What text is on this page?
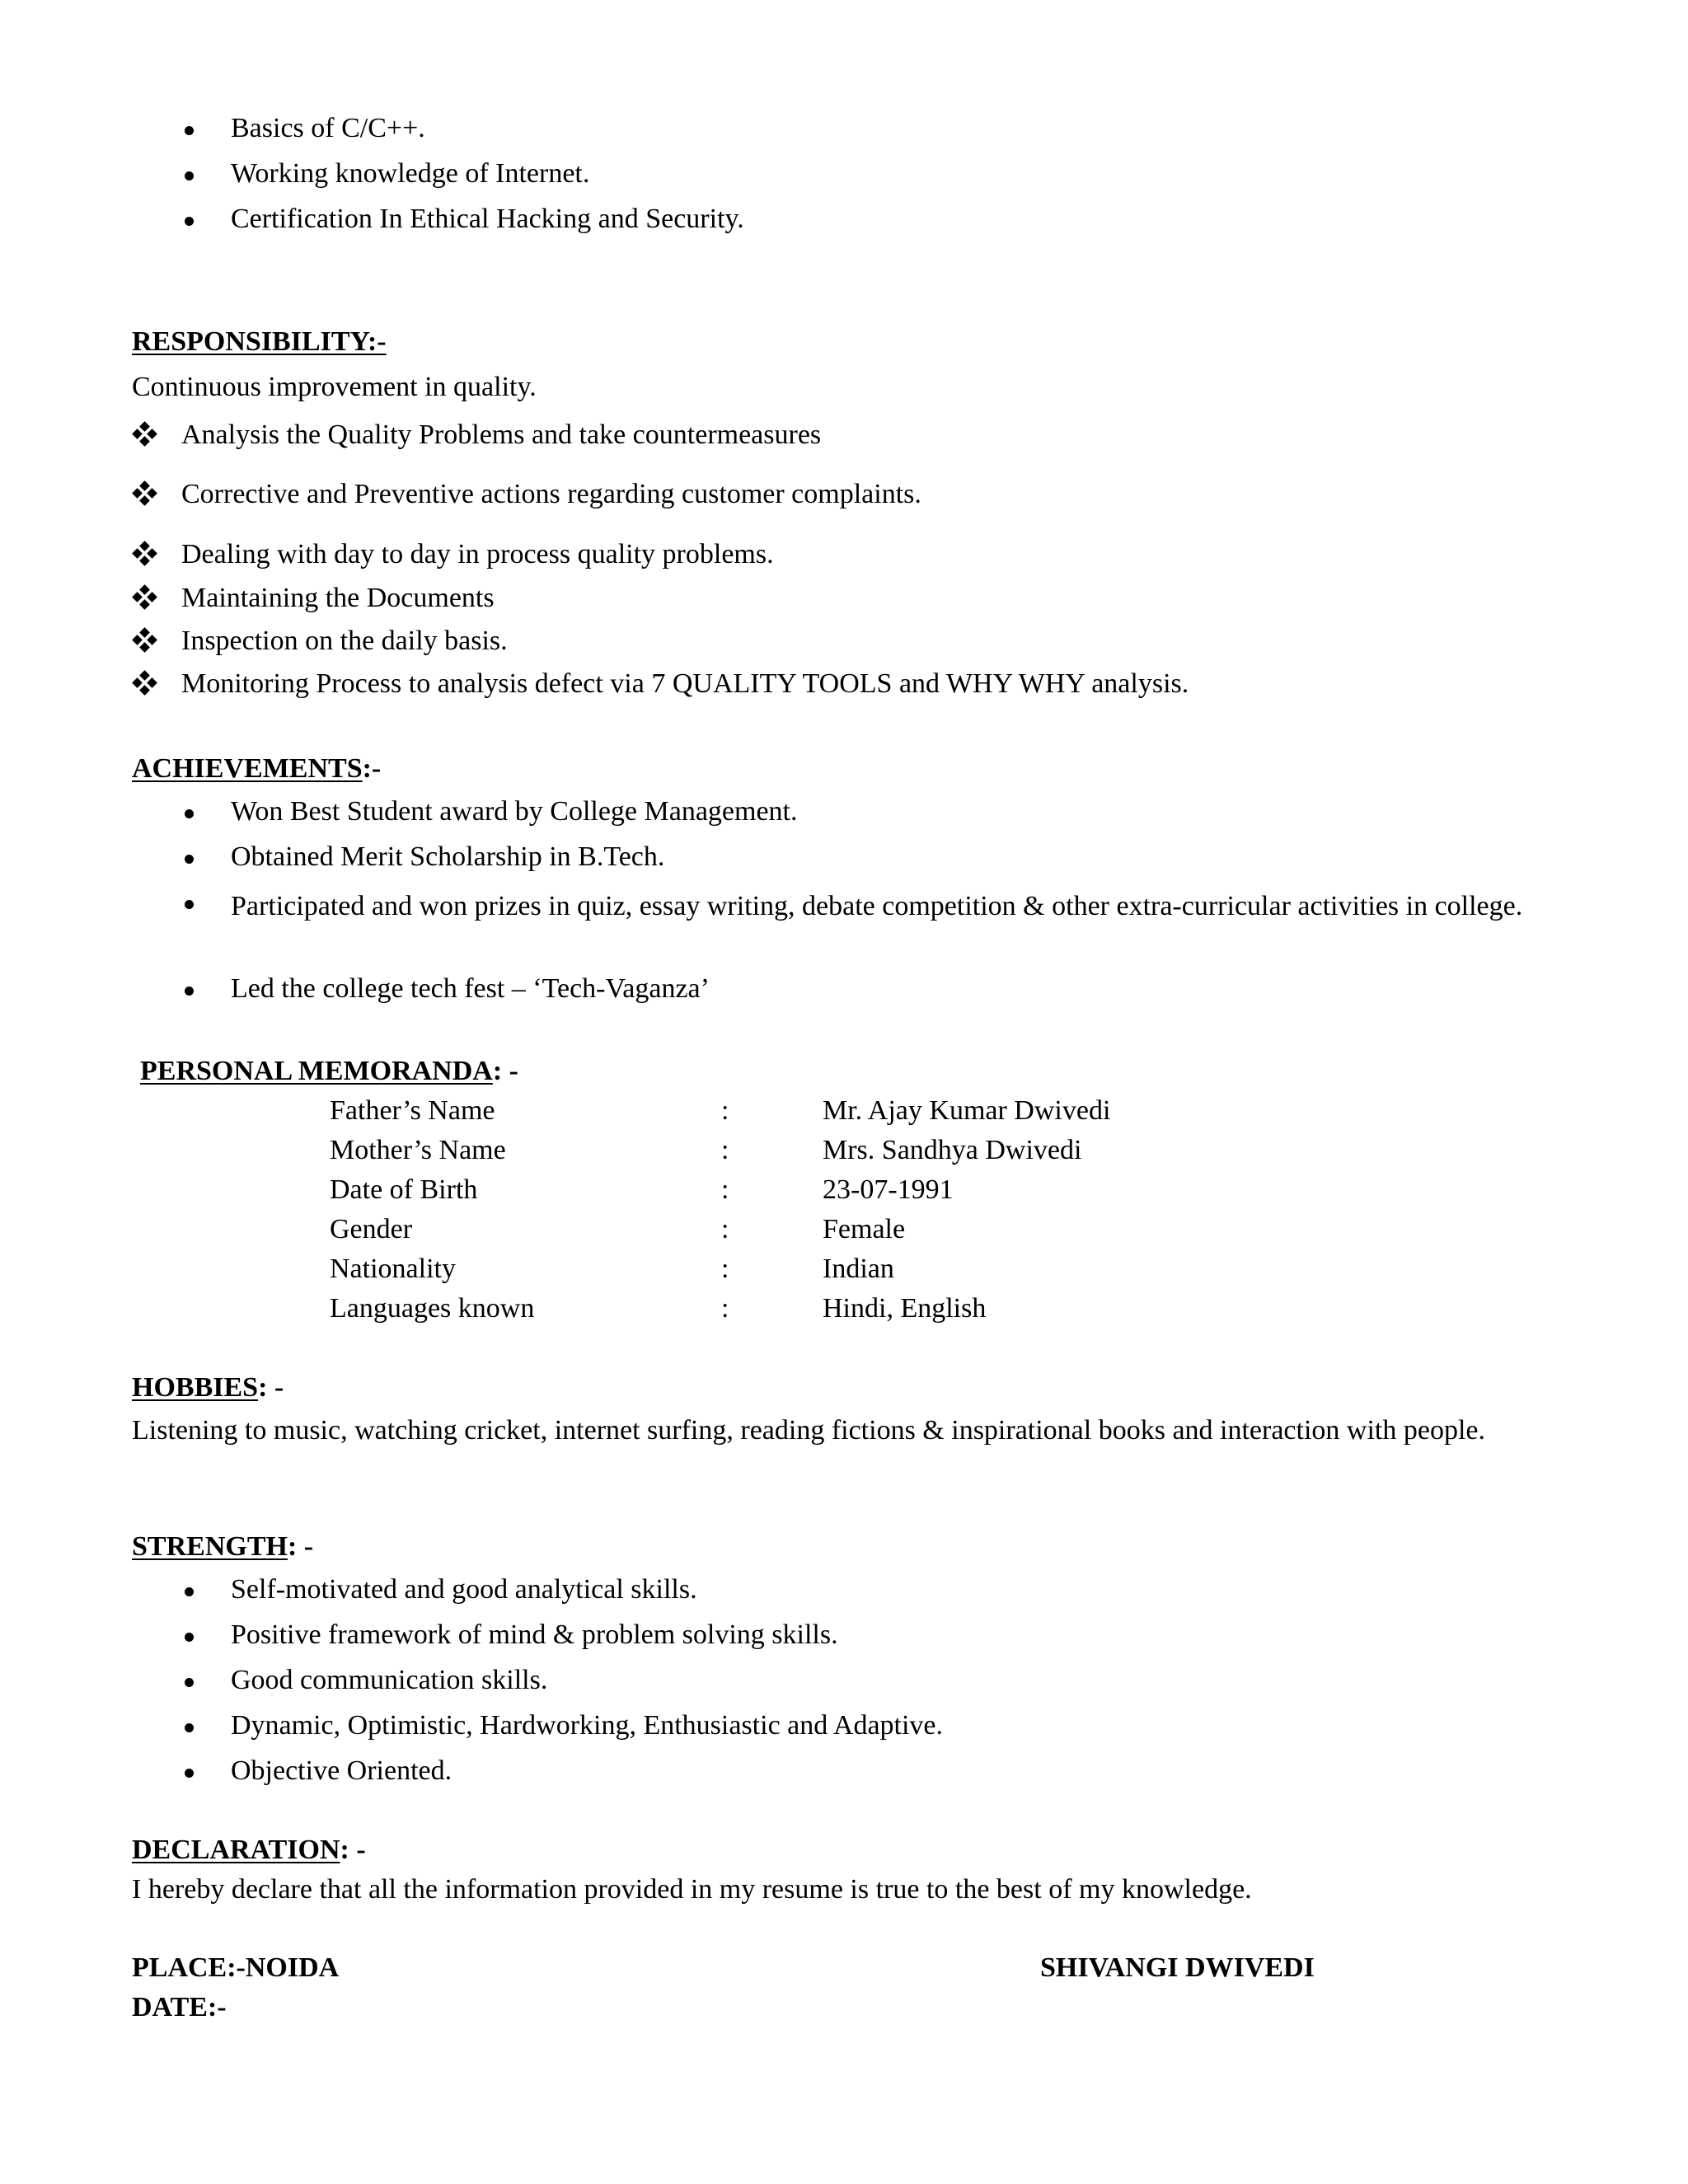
Basics of C/C++.
Working knowledge of Internet.
Certification In Ethical Hacking and Security.
RESPONSIBILITY:-
Continuous improvement in quality.
Analysis the Quality Problems and take countermeasures
Corrective and Preventive actions regarding customer complaints.
Dealing with day to day in process quality problems.
Maintaining the Documents
Inspection on the daily basis.
Monitoring Process to analysis defect via 7 QUALITY TOOLS and WHY WHY analysis.
ACHIEVEMENTS:-
Won Best Student award by College Management.
Obtained Merit Scholarship in B.Tech.
Participated and won prizes in quiz, essay writing, debate competition & other extra-curricular activities in college.
Led the college tech fest – ‘Tech-Vaganza’
PERSONAL MEMORANDA: -
Father’s Name	:	Mr. Ajay Kumar Dwivedi
Mother’s Name	:	Mrs. Sandhya Dwivedi
Date of Birth	:	23-07-1991
Gender	:	Female
Nationality	:	Indian
Languages known	:	Hindi, English
HOBBIES: -
Listening to music, watching cricket, internet surfing, reading fictions & inspirational books and interaction with people.
STRENGTH: -
Self-motivated and good analytical skills.
Positive framework of mind & problem solving skills.
Good communication skills.
Dynamic, Optimistic, Hardworking, Enthusiastic and Adaptive.
Objective Oriented.
DECLARATION: -
I hereby declare that all the information provided in my resume is true to the best of my knowledge.
PLACE:-NOIDA	SHIVANGI DWIVEDI
DATE:-
